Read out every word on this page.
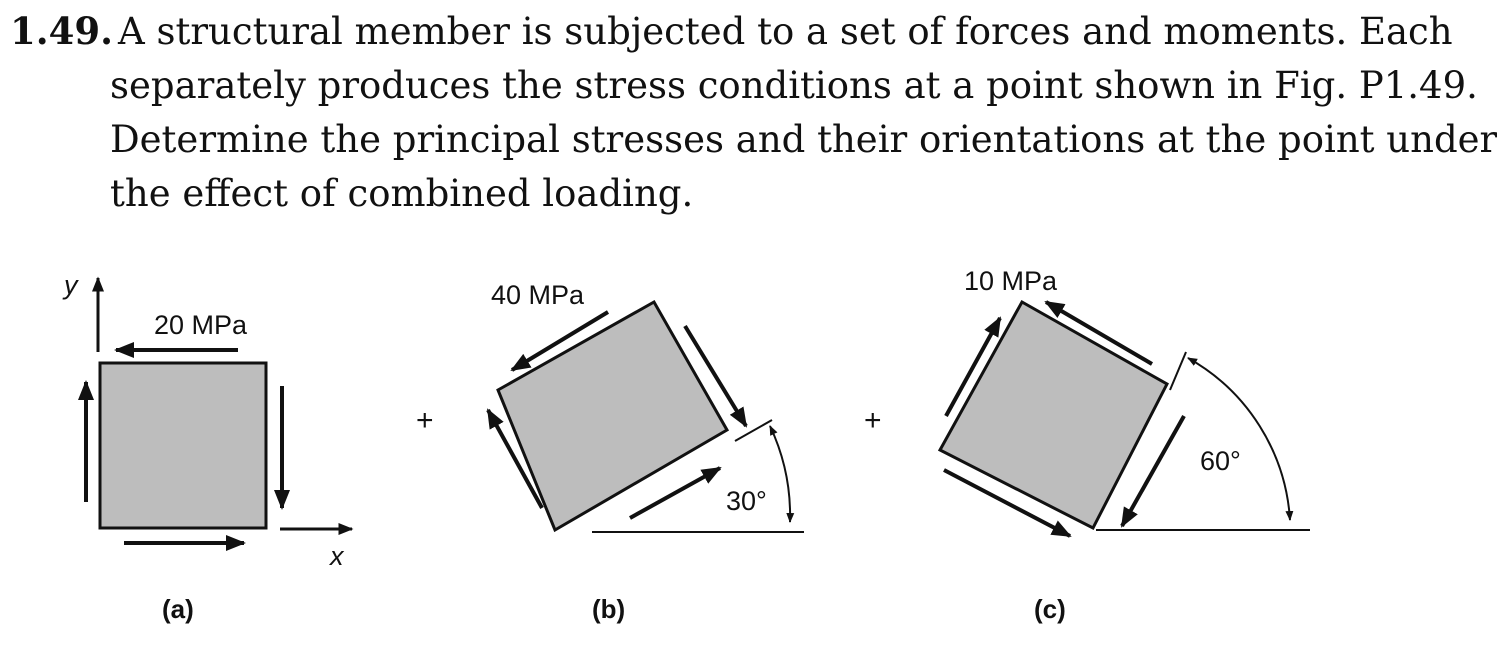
1.49. A structural member is subjected to a set of forces and moments. Each
separately produces the stress conditions at a point shown in Fig. P1.49.
Determine the principal stresses and their orientations at the point under
the effect of combined loading.
y
x
20 MPa
(a)
+
40 MPa
30°
(b)
+
10 MPa
60°
(c)
